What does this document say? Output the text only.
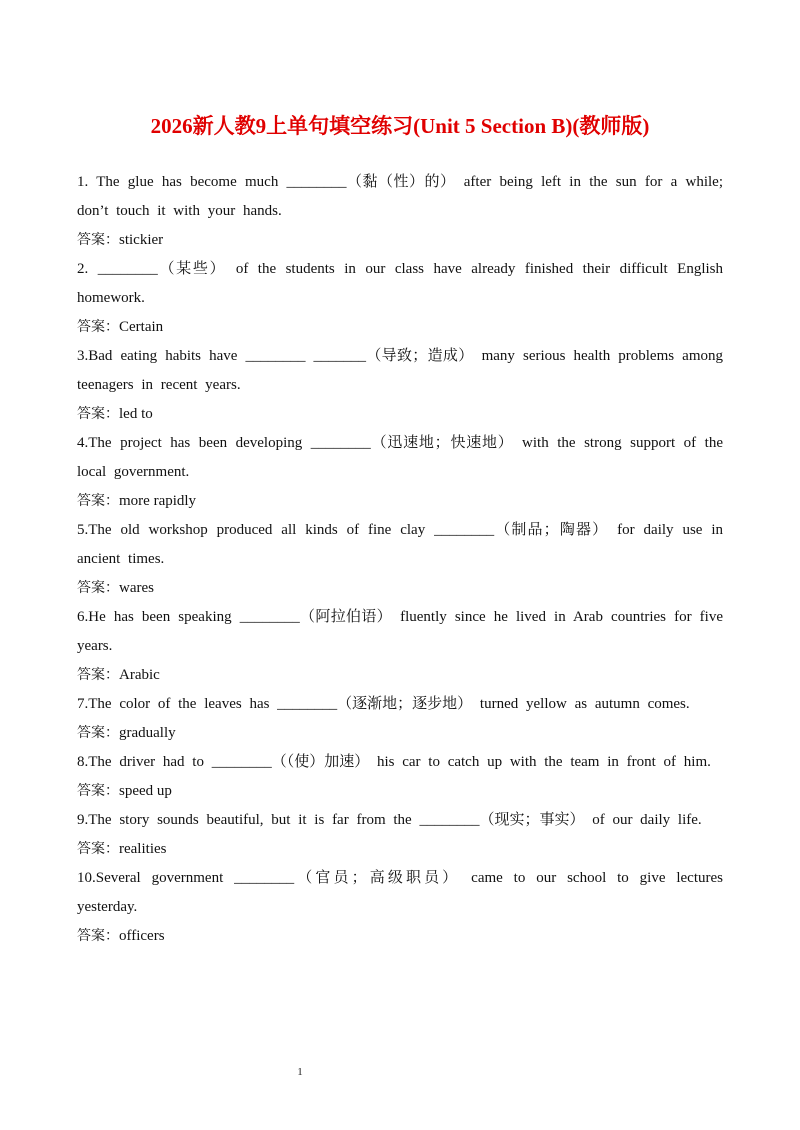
2026新人教9上单句填空练习(Unit 5 Section B)(教师版)
1. The glue has become much ________（黏（性）的） after being left in the sun for a while; don’t touch it with your hands.
答案：stickier
2. ________（某些） of the students in our class have already finished their difficult English homework.
答案：Certain
3.Bad eating habits have ________ _______（导致；造成） many serious health problems among teenagers in recent years.
答案：led to
4.The project has been developing ________（迅速地；快速地） with the strong support of the local government.
答案：more rapidly
5.The old workshop produced all kinds of fine clay ________（制品；陶器） for daily use in ancient times.
答案：wares
6.He has been speaking ________（阿拉伯语） fluently since he lived in Arab countries for five years.
答案：Arabic
7.The color of the leaves has ________（逐渐地；逐步地） turned yellow as autumn comes.
答案：gradually
8.The driver had to ________（（使）加速） his car to catch up with the team in front of him.
答案：speed up
9.The story sounds beautiful, but it is far from the ________（现实；事实） of our daily life.
答案：realities
10.Several government ________（官员；高级职员） came to our school to give lectures yesterday.
答案：officers
1
